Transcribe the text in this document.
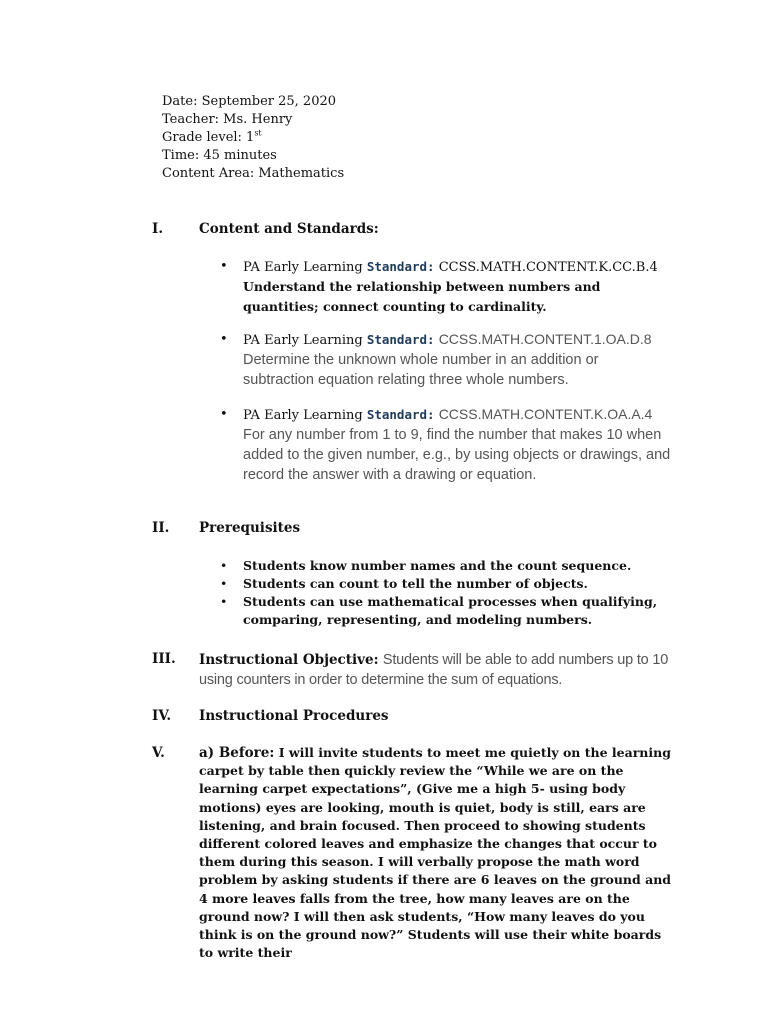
Date: September 25, 2020
Teacher: Ms. Henry
Grade level: 1st
Time: 45 minutes
Content Area: Mathematics
I.	Content and Standards:
• PA Early Learning Standard: CCSS.MATH.CONTENT.K.CC.B.4
Understand the relationship between numbers and quantities; connect counting to cardinality.
• PA Early Learning Standard: CCSS.MATH.CONTENT.1.OA.D.8
Determine the unknown whole number in an addition or subtraction equation relating three whole numbers.
• PA Early Learning Standard: CCSS.MATH.CONTENT.K.OA.A.4
For any number from 1 to 9, find the number that makes 10 when added to the given number, e.g., by using objects or drawings, and record the answer with a drawing or equation.
II. Prerequisites
• Students know number names and the count sequence.
• Students can count to tell the number of objects.
• Students can use mathematical processes when qualifying, comparing, representing, and modeling numbers.
III. Instructional Objective: Students will be able to add numbers up to 10 using counters in order to determine the sum of equations.
IV. Instructional Procedures
V.	a) Before: I will invite students to meet me quietly on the learning carpet by table then quickly review the “While we are on the learning carpet expectations”, (Give me a high 5- using body motions) eyes are looking, mouth is quiet, body is still, ears are listening, and brain focused. Then proceed to showing students different colored leaves and emphasize the changes that occur to them during this season. I will verbally propose the math word problem by asking students if there are 6 leaves on the ground and 4 more leaves falls from the tree, how many leaves are on the ground now? I will then ask students, “How many leaves do you think is on the ground now?” Students will use their white boards to write their
